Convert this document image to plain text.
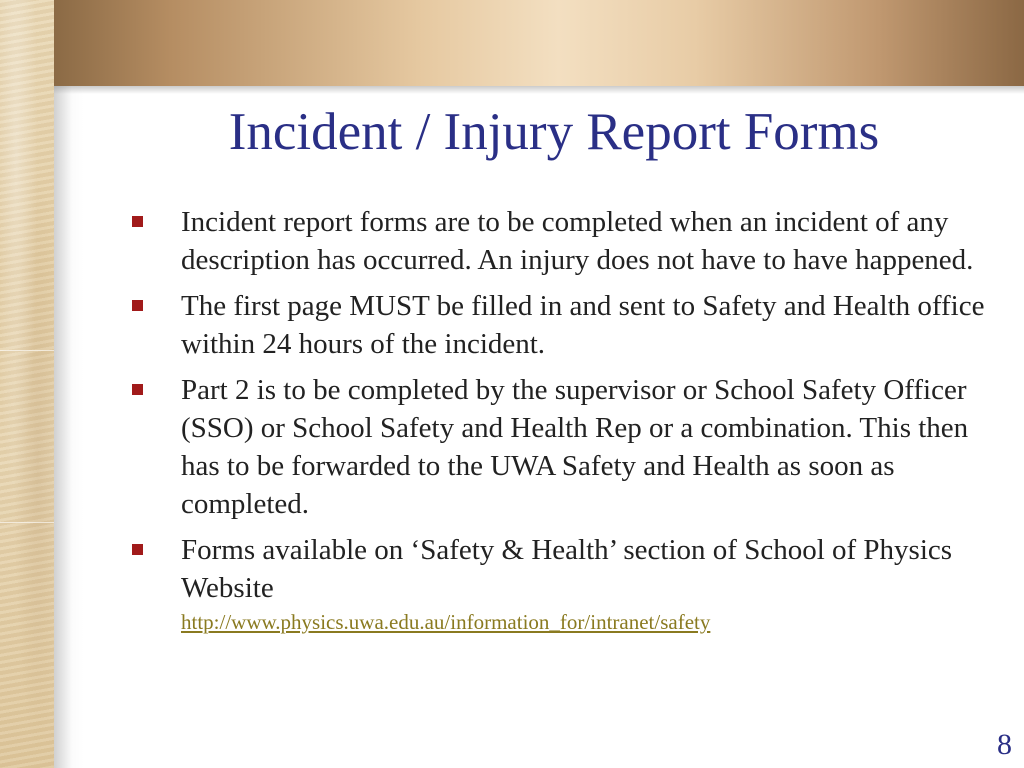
Incident / Injury Report Forms
Incident report forms are to be completed when an incident of any description has occurred. An injury does not have to have happened.
The first page MUST be filled in and sent to Safety and Health office within 24 hours of the incident.
Part 2 is to be completed by the supervisor or School Safety Officer (SSO) or School Safety and Health Rep or a combination. This then has to be forwarded to the UWA Safety and Health as soon as completed.
Forms available on ‘Safety & Health’ section of School of Physics Website
http://www.physics.uwa.edu.au/information_for/intranet/safety
8
